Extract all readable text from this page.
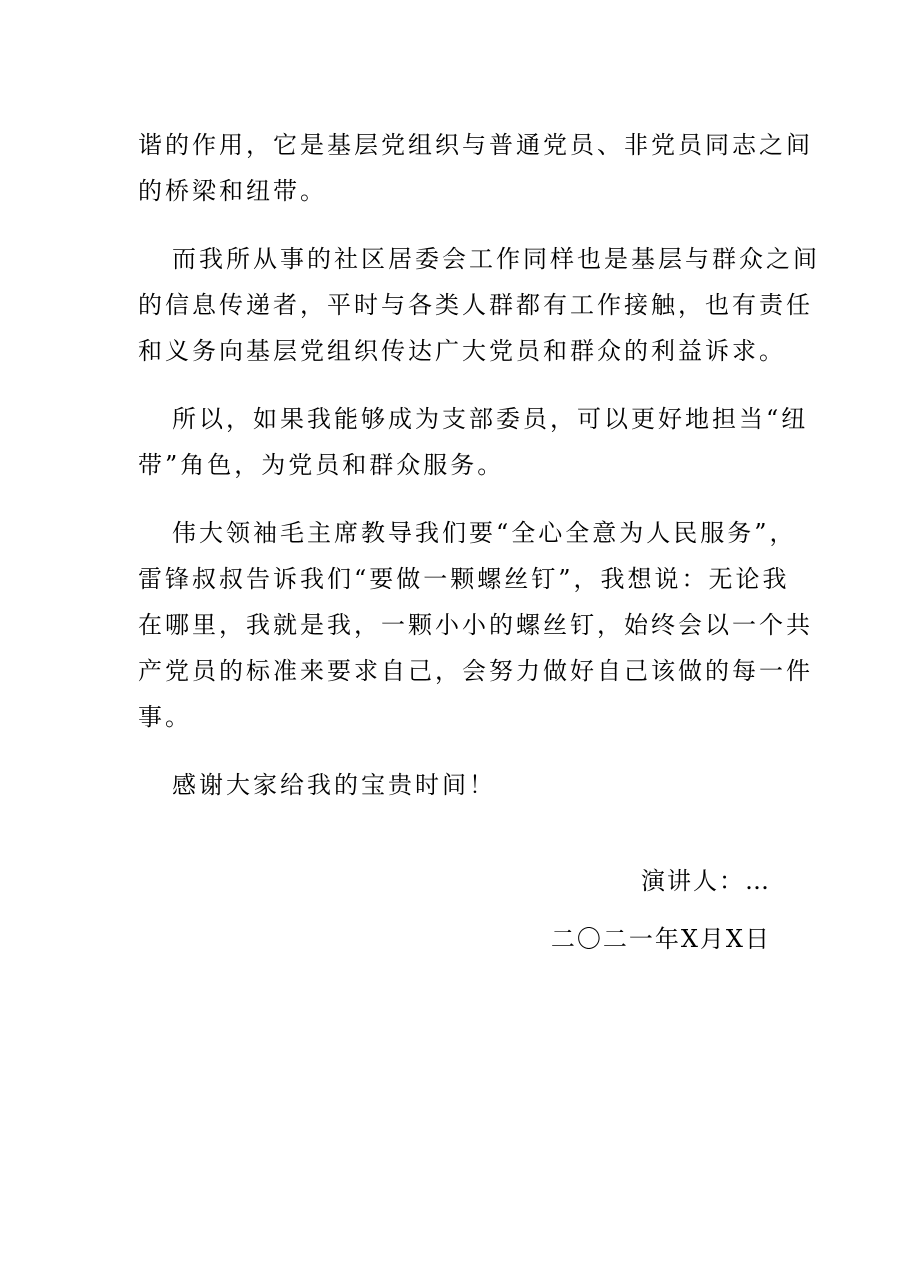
谐的作用，它是基层党组织与普通党员、非党员同志之间
的桥梁和纽带。

而我所从事的社区居委会工作同样也是基层与群众之间
的信息传递者，平时与各类人群都有工作接触，也有责任
和义务向基层党组织传达广大党员和群众的利益诉求。

所以，如果我能够成为支部委员，可以更好地担当“纽
带”角色，为党员和群众服务。

伟大领袖毛主席教导我们要“全心全意为人民服务”，
雷锋叔叔告诉我们“要做一颗螺丝钉”，我想说：无论我
在哪里，我就是我，一颗小小的螺丝钉，始终会以一个共
产党员的标准来要求自己，会努力做好自己该做的每一件
事。

感谢大家给我的宝贵时间！

演讲人：…
二〇二一年X月X日
